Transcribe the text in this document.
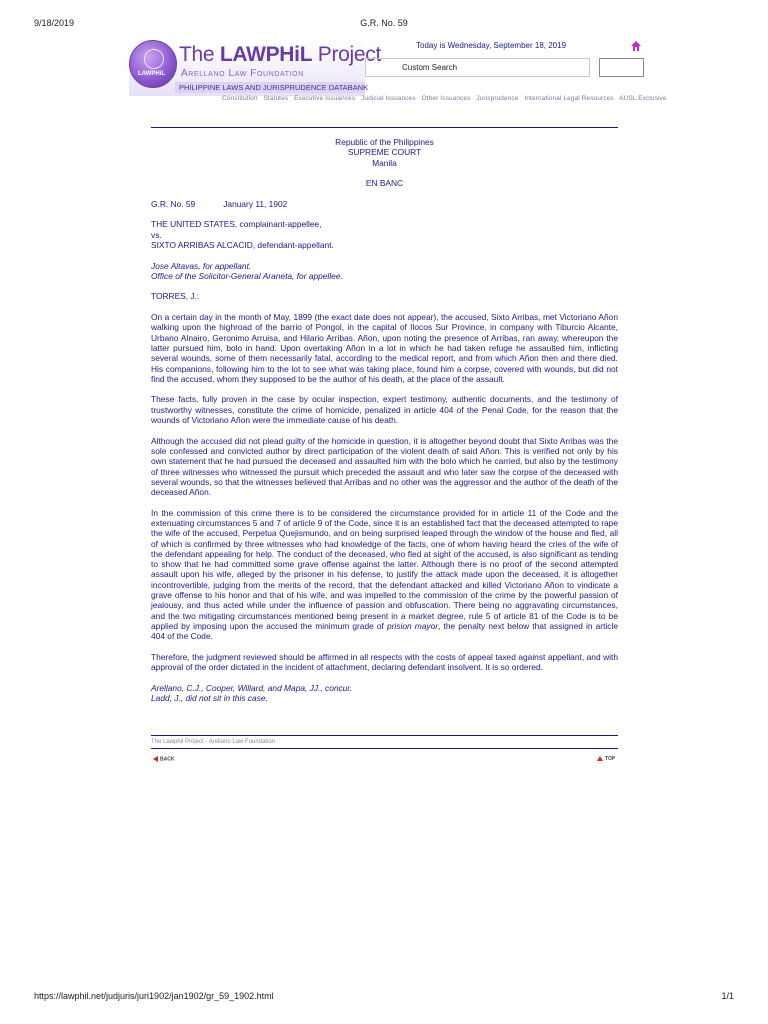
9/18/2019	G.R. No. 59
LAWPHiL
The LAWPHiL Project
Arellano Law Foundation
PHILIPPINE LAWS AND JURISPRUDENCE DATABANK
Today is Wednesday, September 18, 2019
Custom Search
Constitution Statutes Executive Issuances Judicial Issuances Other Issuances Jurisprudence International Legal Resources AUSL Exclusive

Republic of the Philippines

SUPREME COURT

Manila

EN BANC

G.R. No. 59	January 11, 1902

THE UNITED STATES, complainant-appellee,

vs.

SIXTO ARRIBAS ALCACID, defendant-appellant.

Jose Altavas, for appellant.

Office of the Solicitor-General Araneta, for appellee.

TORRES, J.:

On a certain day in the month of May, 1899 (the exact date does not appear), the accused, Sixto Arribas, met Victoriano Añon walking upon the highroad of the barrio of Pongol, in the capital of Ilocos Sur Province, in company with Tiburcio Alcante, Urbano Alnairo, Geronimo Arruisa, and Hilario Arribas. Añon, upon noting the presence of Arribas, ran away, whereupon the latter pursued him, bolo in hand. Upon overtaking Añon in a lot in which he had taken refuge he assaulted him, inflicting several wounds, some of them necessarily fatal, according to the medical report, and from which Añon then and there died. His companions, following him to the lot to see what was taking place, found him a corpse, covered with wounds, but did not find the accused, whom they supposed to be the author of his death, at the place of the assault.

These facts, fully proven in the case by ocular inspection, expert testimony, authentic documents, and the testimony of trustworthy witnesses, constitute the crime of homicide, penalized in article 404 of the Penal Code, for the reason that the wounds of Victoriano Añon were the immediate cause of his death.

Although the accused did not plead guilty of the homicide in question, it is altogether beyond doubt that Sixto Arribas was the sole confessed and convicted author by direct participation of the violent death of said Añon. This is verified not only by his own statement that he had pursued the deceased and assaulted him with the bolo which he carried, but also by the testimony of three witnesses who witnessed the pursuit which preceded the assault and who later saw the corpse of the deceased with several wounds, so that the witnesses believed that Arribas and no other was the aggressor and the author of the death of the deceased Añon.

In the commission of this crime there is to be considered the circumstance provided for in article 11 of the Code and the extenuating circumstances 5 and 7 of article 9 of the Code, since it is an established fact that the deceased attempted to rape the wife of the accused, Perpetua Quejismundo, and on being surprised leaped through the window of the house and fled, all of which is confirmed by three witnesses who had knowledge of the facts, one of whom having heard the cries of the wife of the defendant appealing for help. The conduct of the deceased, who fled at sight of the accused, is also significant as tending to show that he had committed some grave offense against the latter. Although there is no proof of the second attempted assault upon his wife, alleged by the prisoner in his defense, to justify the attack made upon the deceased, it is altogether incontrovertible, judging from the merits of the record, that the defendant attacked and killed Victoriano Añon to vindicate a grave offense to his honor and that of his wife, and was impelled to the commission of the crime by the powerful passion of jealousy, and thus acted while under the influence of passion and obfuscation. There being no aggravating circumstances, and the two mitigating circumstances mentioned being present in a market degree, rule 5 of article 81 of the Code is to be applied by imposing upon the accused the minimum grade of prision mayor, the penalty next below that assigned in article 404 of the Code.

Therefore, the judgment reviewed should be affirmed in all respects with the costs of appeal taxed against appellant, and with approval of the order dictated in the incident of attachment, declaring defendant insolvent. It is so ordered.

Arellano, C.J., Cooper, Willard, and Mapa, JJ., concur.

Ladd, J., did not sit in this case.

The Lawphil Project - Arellano Law Foundation
BACK	TOP
https://lawphil.net/judjuris/juri1902/jan1902/gr_59_1902.html	1/1
